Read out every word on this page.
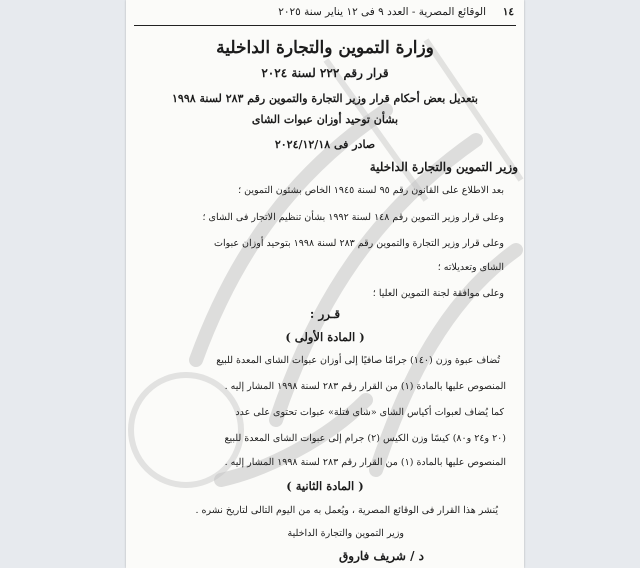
الوقائع المصرية - العدد ٩ فى ١٢ يناير سنة ٢٠٢٥ ١٤
وزارة التموين والتجارة الداخلية
قرار رقم ٢٢٢ لسنة ٢٠٢٤
بتعديل بعض أحكام قرار وزير التجارة والتموين رقم ٢٨٣ لسنة ١٩٩٨
بشأن توحيد أوزان عبوات الشاى
صادر فى ٢٠٢٤/١٢/١٨
وزير التموين والتجارة الداخلية
بعد الاطلاع على القانون رقم ٩٥ لسنة ١٩٤٥ الخاص بشئون التموين ؛
وعلى قرار وزير التموين رقم ١٤٨ لسنة ١٩٩٢ بشأن تنظيم الاتجار فى الشاى ؛
وعلى قرار وزير التجارة والتموين رقم ٢٨٣ لسنة ١٩٩٨ بتوحيد أوزان عبوات
الشاى وتعديلاته ؛
وعلى موافقة لجنة التموين العليا ؛
قـرر :
( المادة الأولى )
تُضاف عبوة وزن (١٤٠) جرامًا صافيًا إلى أوزان عبوات الشاى المعدة للبيع
المنصوص عليها بالمادة (١) من القرار رقم ٢٨٣ لسنة ١٩٩٨ المشار إليه .
كما يُضاف لعبوات أكياس الشاى «شاى فتلة» عبوات تحتوى على عدد
(٢٠ و٢٤ و٨٠) كيسًا وزن الكيس (٢) جرام إلى عبوات الشاى المعدة للبيع
المنصوص عليها بالمادة (١) من القرار رقم ٢٨٣ لسنة ١٩٩٨ المشار إليه .
( المادة الثانية )
يُنشر هذا القرار فى الوقائع المصرية ، ويُعمل به من اليوم التالى لتاريخ نشره .
وزير التموين والتجارة الداخلية
د / شريف فاروق
